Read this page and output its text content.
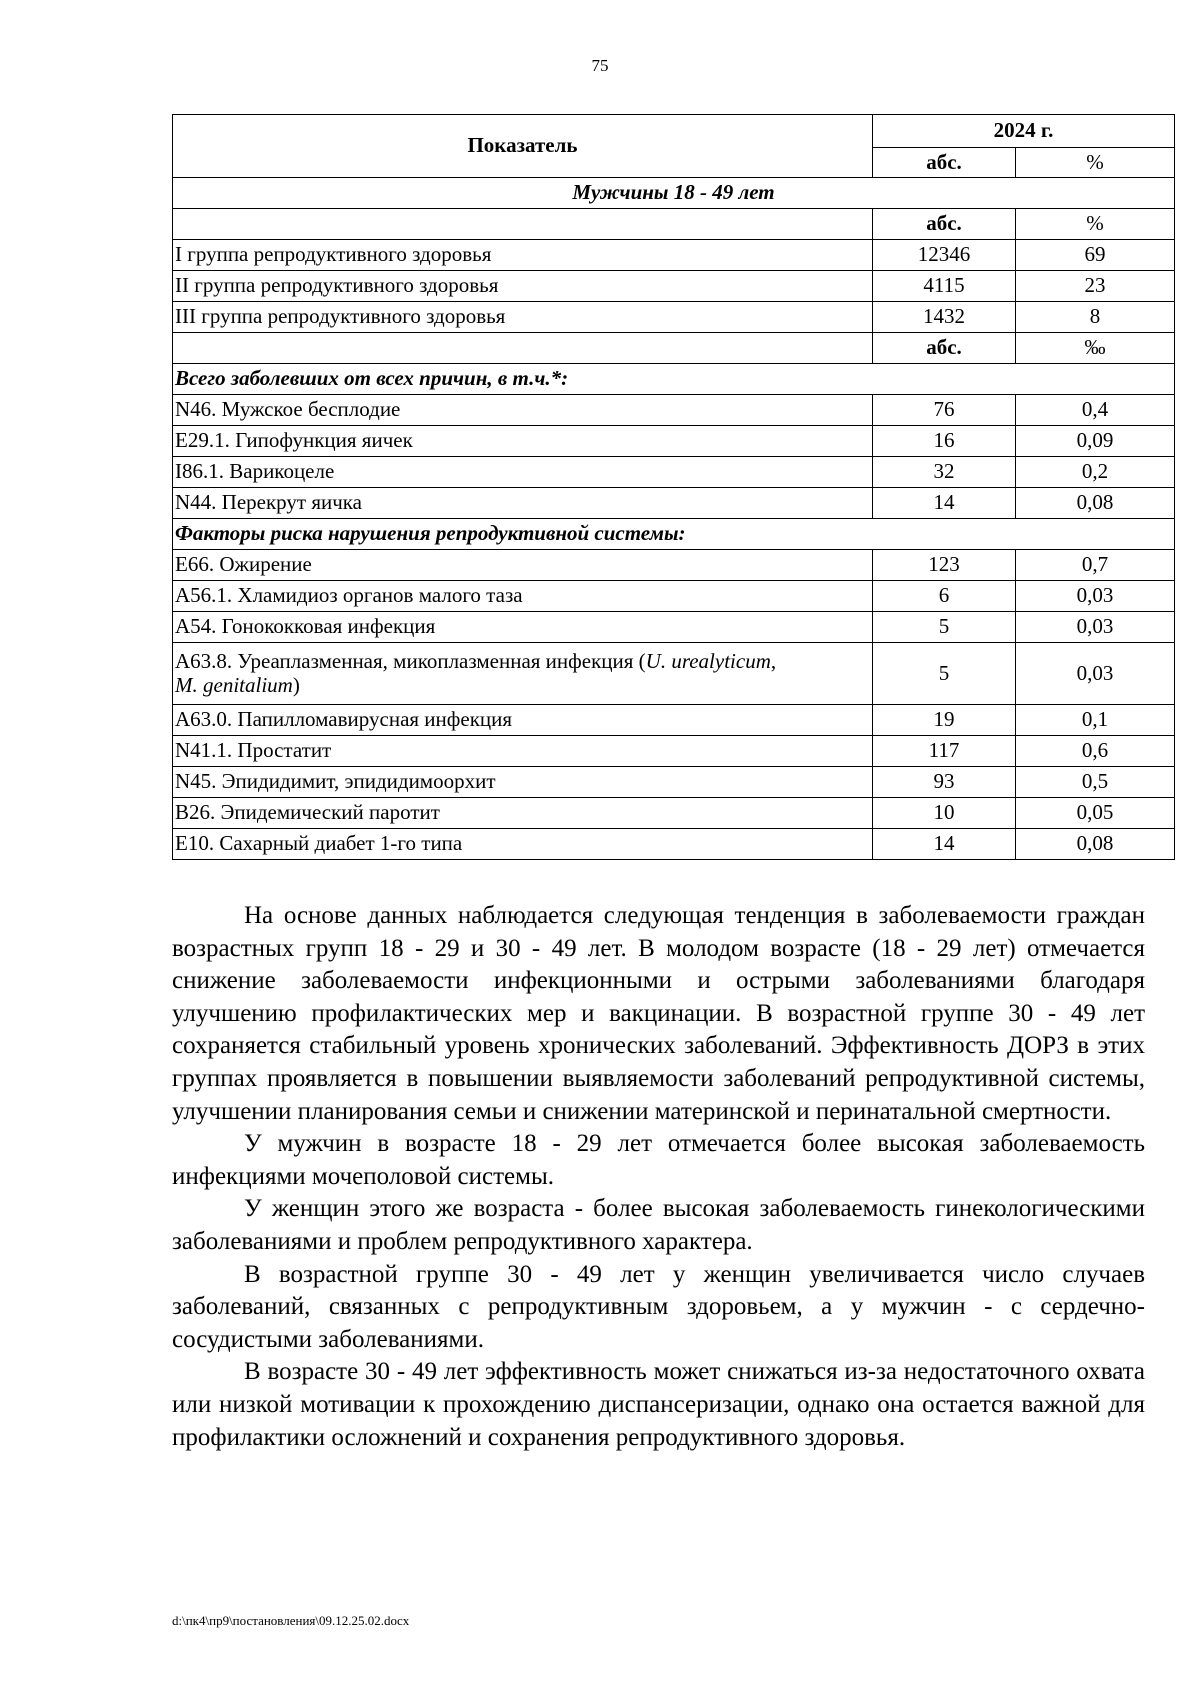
75
Показатель	2024 г.	
	абс.	%
Мужчины 18 - 49 лет		
	абс.	%
I группа репродуктивного здоровья	12346	69
II группа репродуктивного здоровья	4115	23
III группа репродуктивного здоровья	1432	8
	абс.	‰
Всего заболевших от всех причин, в т.ч.*:		
N46. Мужское бесплодие	76	0,4
E29.1. Гипофункция яичек	16	0,09
I86.1. Варикоцеле	32	0,2
N44. Перекрут яичка	14	0,08
Факторы риска нарушения репродуктивной системы:		
E66. Ожирение	123	0,7
A56.1. Хламидиоз органов малого таза	6	0,03
A54. Гонококковая инфекция	5	0,03
A63.8. Уреаплазменная, микоплазменная инфекция (U. urealyticum,
M. genitalium)	5	0,03
A63.0. Папилломавирусная инфекция	19	0,1
N41.1. Простатит	117	0,6
N45. Эпидидимит, эпидидимоорхит	93	0,5
B26. Эпидемический паротит	10	0,05
E10. Сахарный диабет 1-го типа	14	0,08

На основе данных наблюдается следующая тенденция в заболеваемости граждан возрастных групп 18 - 29 и 30 - 49 лет. В молодом возрасте (18 - 29 лет) отмечается снижение заболеваемости инфекционными и острыми заболеваниями благодаря улучшению профилактических мер и вакцинации. В возрастной группе 30 - 49 лет сохраняется стабильный уровень хронических заболеваний. Эффективность ДОРЗ в этих группах проявляется в повышении выявляемости заболеваний репродуктивной системы, улучшении планирования семьи и снижении материнской и перинатальной смертности.

У мужчин в возрасте 18 - 29 лет отмечается более высокая заболеваемость инфекциями мочеполовой системы.

У женщин этого же возраста - более высокая заболеваемость гинекологическими заболеваниями и проблем репродуктивного характера.

В возрастной группе 30 - 49 лет у женщин увеличивается число случаев заболеваний, связанных с репродуктивным здоровьем, а у мужчин - с сердечно-сосудистыми заболеваниями.

В возрасте 30 - 49 лет эффективность может снижаться из-за недостаточного охвата или низкой мотивации к прохождению диспансеризации, однако она остается важной для профилактики осложнений и сохранения репродуктивного здоровья.

d:\пк4\пр9\постановления\09.12.25.02.docx
